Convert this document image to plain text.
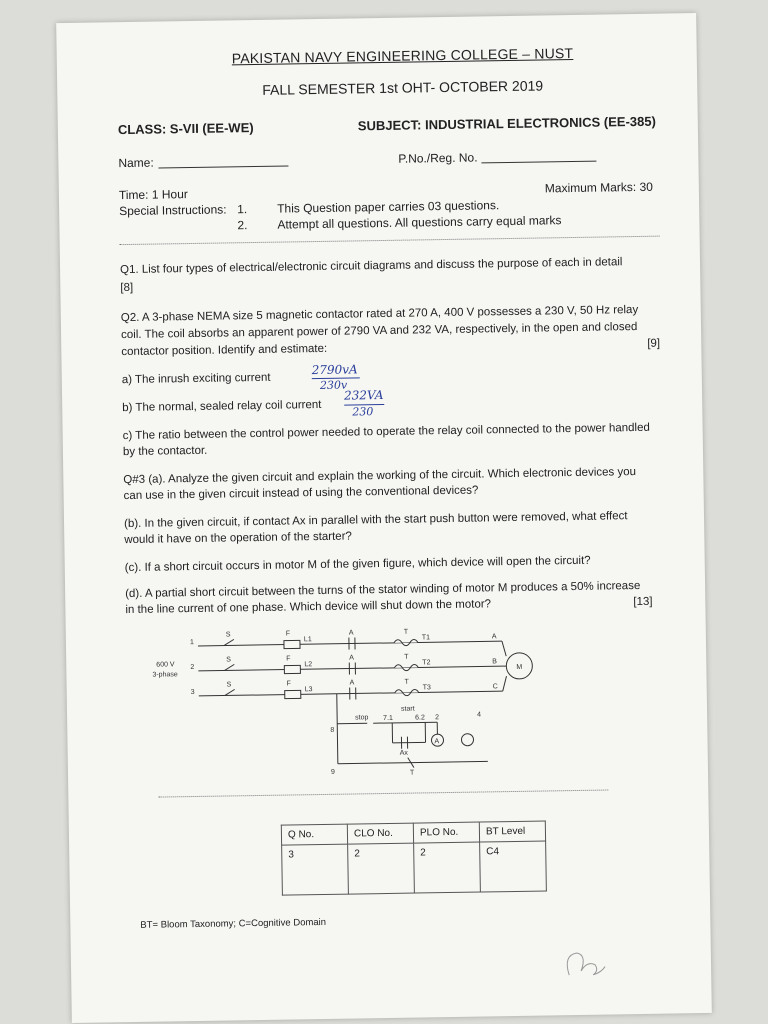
PAKISTAN NAVY ENGINEERING COLLEGE – NUST
FALL SEMESTER 1st OHT- OCTOBER 2019
CLASS: S-VII (EE-WE)	SUBJECT: INDUSTRIAL ELECTRONICS (EE-385)
Name:	P.No./Reg. No.
Time: 1 Hour	Maximum Marks: 30
Special Instructions: 1. This Question paper carries 03 questions.
2. Attempt all questions. All questions carry equal marks
Q1. List four types of electrical/electronic circuit diagrams and discuss the purpose of each in detail
[8]
Q2. A 3-phase NEMA size 5 magnetic contactor rated at 270 A, 400 V possesses a 230 V, 50 Hz relay
coil. The coil absorbs an apparent power of 2790 VA and 232 VA, respectively, in the open and closed
contactor position. Identify and estimate:	[9]
a) The inrush exciting current
2790vA
230v
b) The normal, sealed relay coil current
232VA
230
c) The ratio between the control power needed to operate the relay coil connected to the power handled
by the contactor.
Q#3 (a). Analyze the given circuit and explain the working of the circuit. Which electronic devices you
can use in the given circuit instead of using the conventional devices?
(b). In the given circuit, if contact Ax in parallel with the start push button were removed, what effect
would it have on the operation of the starter?
(c). If a short circuit occurs in motor M of the given figure, which device will open the circuit?
(d). A partial short circuit between the turns of the stator winding of motor M produces a 50% increase
in the line current of one phase. Which device will shut down the motor?	[13]
1
2
3
600 V
3-phase
S
S
S
F
F
F
L1
L2
L3
A
A
A
T
T
T
T1
T2
T3
A
B
C
M
stop
start
7.1	6.2 2	4
8
9
A
Ax
T
Q No.	CLO No.	PLO No.	BT Level
3	2	2	C4
BT= Bloom Taxonomy; C=Cognitive Domain
